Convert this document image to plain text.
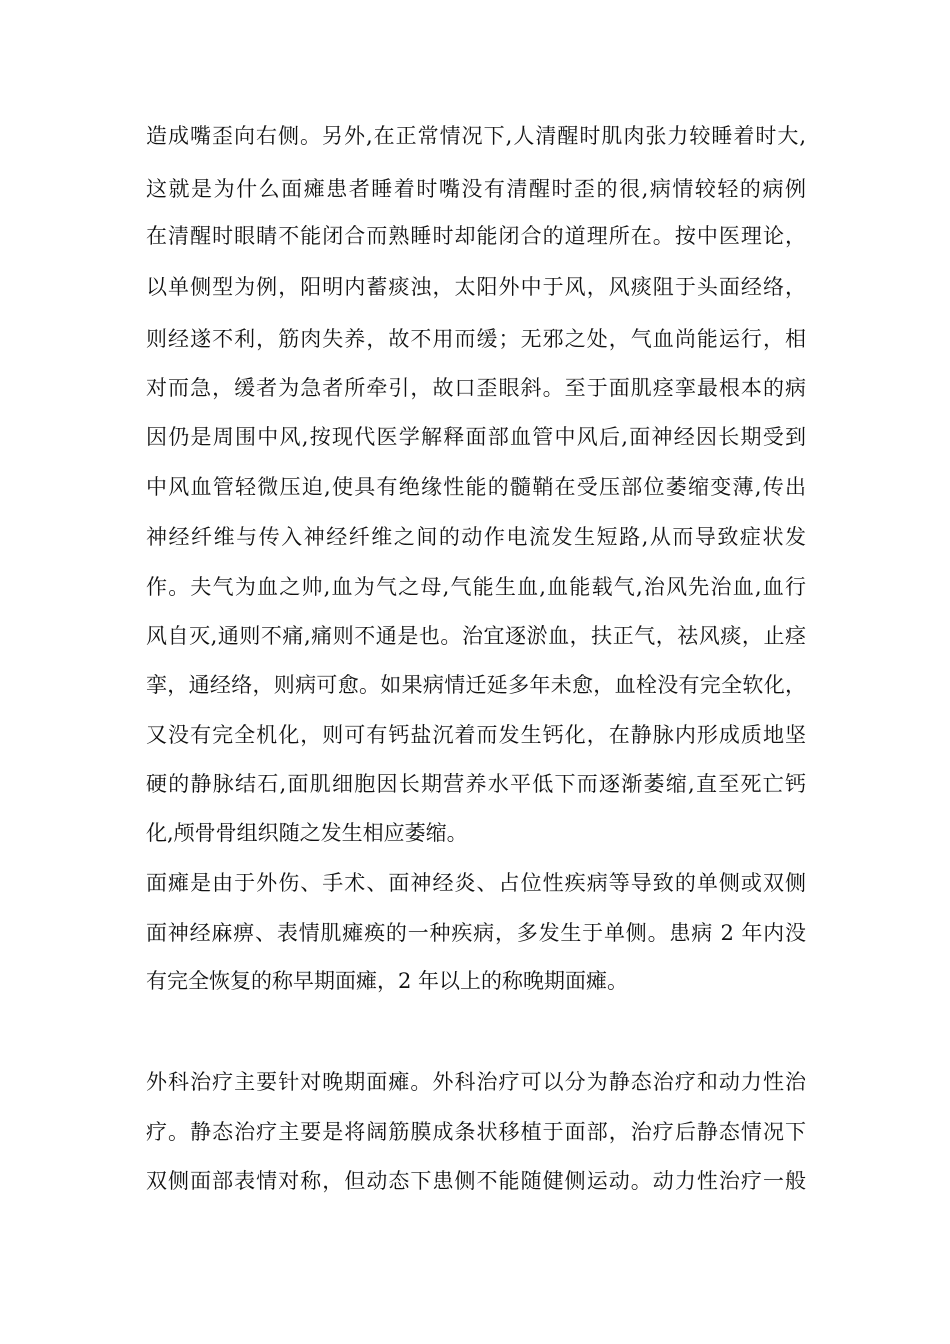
造成嘴歪向右侧。另外,在正常情况下,人清醒时肌肉张力较睡着时大,
这就是为什么面瘫患者睡着时嘴没有清醒时歪的很,病情较轻的病例
在清醒时眼睛不能闭合而熟睡时却能闭合的道理所在。按中医理论，
以单侧型为例，阳明内蓄痰浊，太阳外中于风，风痰阻于头面经络，
则经遂不利，筋肉失养，故不用而缓；无邪之处，气血尚能运行，相
对而急，缓者为急者所牵引，故口歪眼斜。至于面肌痉挛最根本的病
因仍是周围中风,按现代医学解释面部血管中风后,面神经因长期受到
中风血管轻微压迫,使具有绝缘性能的髓鞘在受压部位萎缩变薄,传出
神经纤维与传入神经纤维之间的动作电流发生短路,从而导致症状发
作。夫气为血之帅,血为气之母,气能生血,血能载气,治风先治血,血行
风自灭,通则不痛,痛则不通是也。治宜逐淤血，扶正气，祛风痰，止痉
挛，通经络，则病可愈。如果病情迁延多年未愈，血栓没有完全软化，
又没有完全机化，则可有钙盐沉着而发生钙化，在静脉内形成质地坚
硬的静脉结石,面肌细胞因长期营养水平低下而逐渐萎缩,直至死亡钙
化,颅骨骨组织随之发生相应萎缩。
面瘫是由于外伤、手术、面神经炎、占位性疾病等导致的单侧或双侧
面神经麻痹、表情肌瘫痪的一种疾病，多发生于单侧。患病 2 年内没
有完全恢复的称早期面瘫，2 年以上的称晚期面瘫。
外科治疗主要针对晚期面瘫。外科治疗可以分为静态治疗和动力性治
疗。静态治疗主要是将阔筋膜成条状移植于面部，治疗后静态情况下
双侧面部表情对称，但动态下患侧不能随健侧运动。动力性治疗一般
